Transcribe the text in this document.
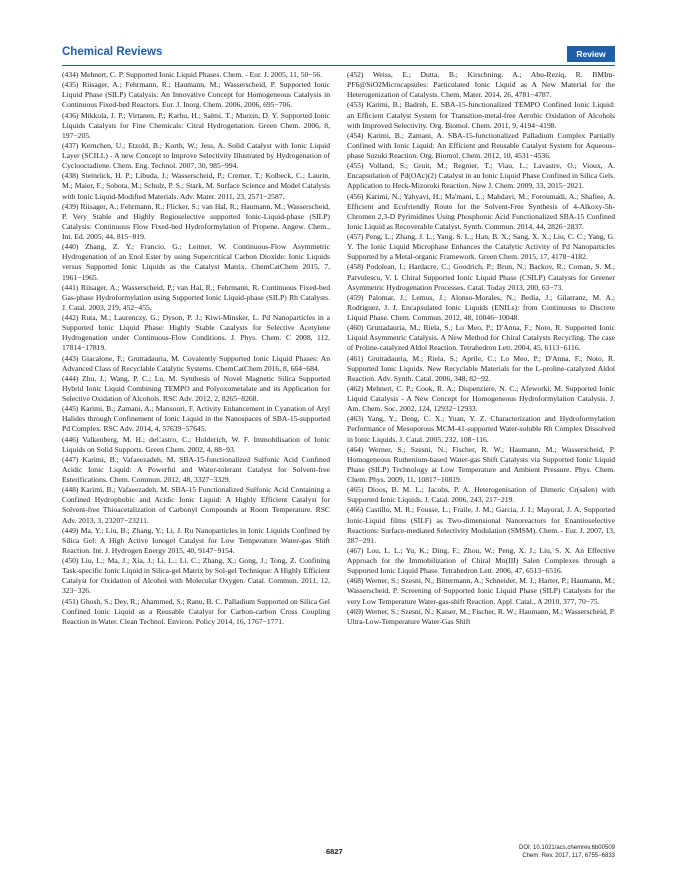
Chemical Reviews	Review

(434) Mehnert, C. P. Supported Ionic Liquid Phases. Chem. - Eur. J. 2005, 11, 50−56.

(435) Riisager, A.; Fehrmann, R.; Haumann, M.; Wasserscheid, P. Supported Ionic Liquid Phase (SILP) Catalysis: An Innovative Concept for Homogeneous Catalysis in Continuous Fixed-bed Reactors. Eur. J. Inorg. Chem. 2006, 2006, 695−706.

(436) Mikkola, J. P.; Virtanen, P.; Karhu, H.; Salmi, T.; Murzin, D. Y. Supported Ionic Liquids Catalysts for Fine Chemicals: Citral Hydrogenation. Green Chem. 2006, 8, 197−205.

(437) Kernchen, U.; Etzold, B.; Korth, W.; Jess, A. Solid Catalyst with Ionic Liquid Layer (SCILL) - A new Concept to Improve Selectivity Illustrated by Hydrogenation of Cyclooctadiene. Chem. Eng. Technol. 2007, 30, 985−994.

(438) Steinrück, H. P.; Libuda, J.; Wasserscheid, P.; Cremer, T.; Kolbeck, C.; Laurin, M.; Maier, F.; Sobota, M.; Schulz, P. S.; Stark, M. Surface Science and Model Catalysis with Ionic Liquid-Modified Materials. Adv. Mater. 2011, 23, 2571−2587.

(439) Riisager, A.; Fehrmann, R.; Flicker, S.; van Hal, R.; Haumann, M.; Wasserscheid, P. Very Stable and Highly Regioselective supported Ionic-Liquid-phase (SILP) Catalysis: Continuous Flow Fixed-bed Hydroformylation of Propene. Angew. Chem., Int. Ed. 2005, 44, 815−819.

(440) Zhang, Z. Y.; Francio, G.; Leitner, W. Continuous-Flow Asymmetric Hydrogenation of an Enol Ester by using Supercritical Carbon Dioxide: Ionic Liquids versus Supported Ionic Liquids as the Catalyst Matrix. ChemCatChem 2015, 7, 1961−1965.

(441) Riisager, A.; Wasserscheid, P.; van Hal, R.; Fehrmann, R. Continuous Fixed-bed Gas-phase Hydroformylation using Supported Ionic Liquid-phase (SILP) Rh Catalysts. J. Catal. 2003, 219, 452−455.

(442) Ruta, M.; Laurenczy, G.; Dyson, P. J.; Kiwi-Minsker, L. Pd Nanoparticles in a Supported Ionic Liquid Phase: Highly Stable Catalysts for Selective Acetylene Hydrogenation under Continuous-Flow Conditions. J. Phys. Chem. C 2008, 112, 17814−17819.

(443) Giacalone, F.; Gruttadauria, M. Covalently Supported Ionic Liquid Phases: An Advanced Class of Recyclable Catalytic Systems. ChemCatChem 2016, 8, 664−684.

(444) Zhu, J.; Wang, P. C.; Lu, M. Synthesis of Novel Magnetic Silica Supported Hybrid Ionic Liquid Combining TEMPO and Polyoxometalate and its Application for Selective Oxidation of Alcohols. RSC Adv. 2012, 2, 8265−8268.

(445) Karimi, B.; Zamani, A.; Mansouri, F. Activity Enhancement in Cyanation of Aryl Halides through Confinement of Ionic Liquid in the Nanospaces of SBA-15-supported Pd Complex. RSC Adv. 2014, 4, 57639−57645.

(446) Valkenberg, M. H.; deCastro, C.; Holderich, W. F. Immobilisation of Ionic Liquids on Solid Supports. Green Chem. 2002, 4, 88−93.

(447) Karimi, B.; Vafaeezadeh, M. SBA-15-functionalized Sulfonic Acid Confined Acidic Ionic Liquid: A Powerful and Water-tolerant Catalyst for Solvent-free Esterifications. Chem. Commun. 2012, 48, 3327−3329.

(448) Karimi, B.; Vafaeezadeh, M. SBA-15 Functionalized Sulfonic Acid Containing a Confined Hydrophobic and Acidic Ionic Liquid: A Highly Efficient Catalyst for Solvent-free Thioacetalization of Carbonyl Compounds at Room Temperature. RSC Adv. 2013, 3, 23207−23211.

(449) Ma, Y.; Liu, B.; Zhang, Y.; Li, J. Ru Nanoparticles in Ionic Liquids Confined by Silica Gel: A High Active Ionogel Catalyst for Low Temperature Water-gas Shift Reaction. Int. J. Hydrogen Energy 2015, 40, 9147−9154.

(450) Liu, L.; Ma, J.; Xia, J.; Li, L.; Li, C.; Zhang, X.; Gong, J.; Tong, Z. Confining Task-specific Ionic Liquid in Silica-gel Matrix by Sol-gel Technique: A Highly Efficient Catalyst for Oxidation of Alcohol with Molecular Oxygen. Catal. Commun. 2011, 12, 323−326.

(451) Ghosh, S.; Dey, R.; Ahammed, S.; Ranu, B. C. Palladium Supported on Silica Gel Confined Ionic Liquid as a Reusable Catalyst for Carbon-carbon Cross Coupling Reaction in Water. Clean Technol. Environ. Policy 2014, 16, 1767−1771.

(452) Weiss, E.; Dutta, B.; Kirschning, A.; Abu-Reziq, R. BMIm-PF6@SiO2Microcapsules: Particulated Ionic Liquid as A New Material for the Heterogenization of Catalysts. Chem. Mater. 2014, 26, 4781−4787.

(453) Karimi, B.; Badreh, E. SBA-15-functionalized TEMPO Confined Ionic Liquid: an Efficient Catalyst System for Transition-metal-free Aerobic Oxidation of Alcohols with Improved Selectivity. Org. Biomol. Chem. 2011, 9, 4194−4198.

(454) Karimi, B.; Zamani, A. SBA-15-functionalized Palladium Complex Partially Confined with Ionic Liquid: An Efficient and Reusable Catalyst System for Aqueous-phase Suzuki Reaction. Org. Biomol. Chem. 2012, 10, 4531−4536.

(455) Volland, S.; Gruit, M.; Regnier, T.; Viau, L.; Lavastre, O.; Vioux, A. Encapsulation of Pd(OAc)(2) Catalyst in an Ionic Liquid Phase Confined in Silica Gels. Application to Heck-Mizoroki Reaction. New J. Chem. 2009, 33, 2015−2021.

(456) Karimi, N.; Yahyavi, H.; Ma'mani, L.; Mahdavi, M.; Foroumadi, A.; Shafiee, A. Efficient and Ecofriendly Route for the Solvent-Free Synthesis of 4-Alkoxy-5h-Chromen 2,3-D Pyrimidines Using Phosphonic Acid Functionalized SBA-15 Confined Ionic Liquid as Recoverable Catalyst. Synth. Commun. 2014, 44, 2826−2837.

(457) Peng, L.; Zhang, J. L.; Yang, S. L.; Han, B. X.; Sang, X. X.; Liu, C. C.; Yang, G. Y. The Ionic Liquid Microphase Enhances the Catalytic Activity of Pd Nanoparticles Supported by a Metal-organic Framework. Green Chem. 2015, 17, 4178−4182.

(458) Podolean, I.; Hardacre, C.; Goodrich, P.; Brun, N.; Backov, R.; Coman, S. M.; Parvulescu, V. I. Chiral Supported Ionic Liquid Phase (CSILP) Catalysts for Greener Asymmetric Hydrogenation Processes. Catal. Today 2013, 200, 63−73.

(459) Palomar, J.; Lemus, J.; Alonso-Morales, N.; Bedia, J.; Gilarranz, M. A.; Rodriguez, J. J. Encapsulated Ionic Liquids (ENILs): from Continuous to Discrete Liquid Phase. Chem. Commun. 2012, 48, 10046−10048.

(460) Gruttadauria, M.; Riela, S.; Lo Meo, P.; D'Anna, F.; Noto, R. Supported Ionic Liquid Asymmetric Catalysis. A New Method for Chiral Catalysts Recycling. The case of Proline-catalyzed Aldol Reaction. Tetrahedron Lett. 2004, 45, 6113−6116.

(461) Gruttadauria, M.; Riela, S.; Aprile, C.; Lo Meo, P.; D'Anna, F.; Noto, R. Supported Ionic Liquids. New Recyclable Materials for the L-proline-catalyzed Aldol Reaction. Adv. Synth. Catal. 2006, 348, 82−92.

(462) Mehnert, C. P.; Cook, R. A.; Dispenziere, N. C.; Afeworki, M. Supported Ionic Liquid Catalysis - A New Concept for Homogeneous Hydroformylation Catalysis. J. Am. Chem. Soc. 2002, 124, 12932−12933.

(463) Yang, Y.; Deng, C. X.; Yuan, Y. Z. Characterization and Hydroformylation Performance of Mesoporous MCM-41-supported Water-soluble Rh Complex Dissolved in Ionic Liquids. J. Catal. 2005, 232, 108−116.

(464) Werner, S.; Szesni, N.; Fischer, R. W.; Haumann, M.; Wasserscheid, P. Homogeneous Ruthenium-based Water-gas Shift Catalysts via Supported Ionic Liquid Phase (SILP) Technology at Low Temperature and Ambient Pressure. Phys. Chem. Chem. Phys. 2009, 11, 10817−10819.

(465) Dioos, B. M. L.; Jacobs, P. A. Heterogenisation of Dimeric Cr(salen) with Supported Ionic Liquids. J. Catal. 2006, 243, 217−219.

(466) Castillo, M. R.; Fousse, L.; Fraile, J. M.; Garcia, J. I.; Mayoral, J. A. Supported Ionic-Liquid films (SILF) as Two-dimensional Nanoreactors for Enantioselective Reactions: Surface-mediated Selectivity Modulation (SMSM). Chem. - Eur. J. 2007, 13, 287−291.

(467) Lou, L. L.; Yu, K.; Ding, F.; Zhou, W.; Peng, X. J.; Liu, S. X. An Effective Approach for the Immobilization of Chiral Mn(III) Salen Complexes through a Supported Ionic Liquid Phase. Tetrahedron Lett. 2006, 47, 6513−6516.

(468) Werner, S.; Szesni, N.; Bittermann, A.; Schneider, M. J.; Harter, P.; Haumann, M.; Wasserscheid, P. Screening of Supported Ionic Liquid Phase (SILP) Catalysts for the very Low Temperature Water-gas-shift Reaction. Appl. Catal., A 2010, 377, 70−75.

(469) Werner, S.; Szesni, N.; Kaiser, M.; Fischer, R. W.; Haumann, M.; Wasserscheid, P. Ultra-Low-Temperature Water-Gas Shift

6827	DOI: 10.1021/acs.chemrev.6b00509
Chem. Rev. 2017, 117, 6755−6833
